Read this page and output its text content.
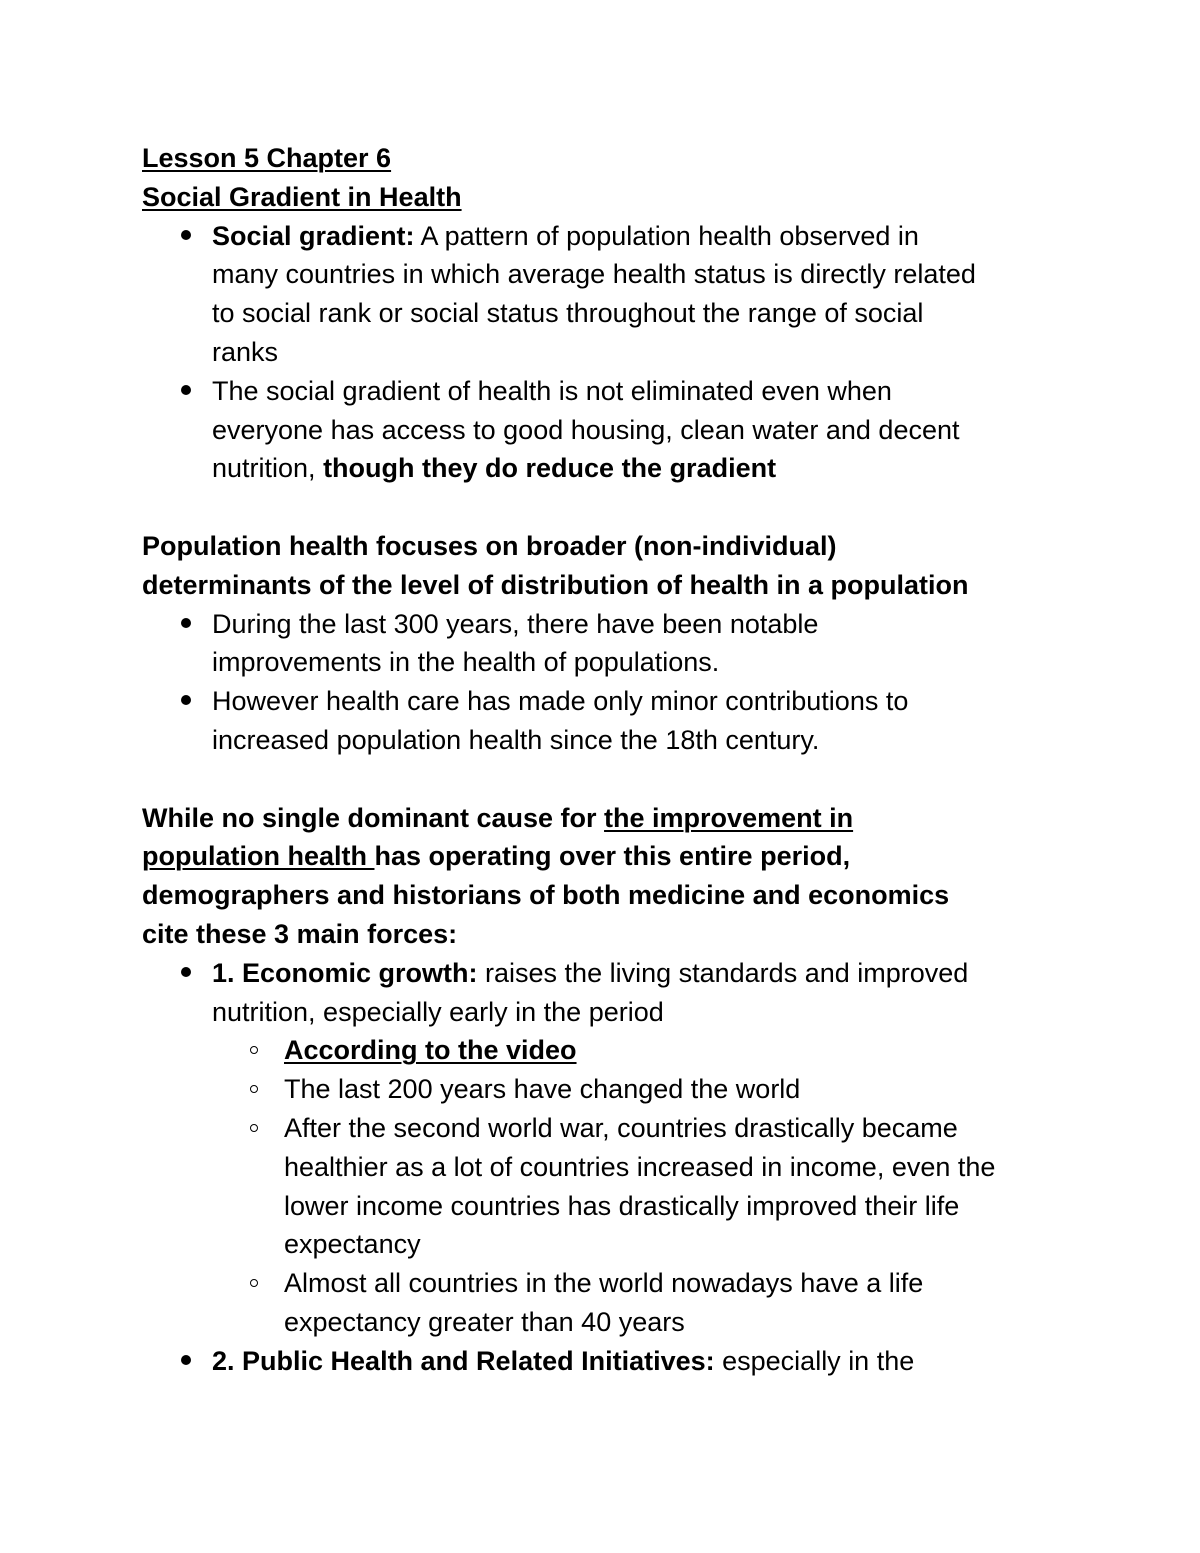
Lesson 5 Chapter 6
Social Gradient in Health
Social gradient: A pattern of population health observed in
many countries in which average health status is directly related
to social rank or social status throughout the range of social
ranks
The social gradient of health is not eliminated even when
everyone has access to good housing, clean water and decent
nutrition, though they do reduce the gradient
Population health focuses on broader (non-individual)
determinants of the level of distribution of health in a population
During the last 300 years, there have been notable
improvements in the health of populations.
However health care has made only minor contributions to
increased population health since the 18th century.
While no single dominant cause for the improvement in
population health has operating over this entire period,
demographers and historians of both medicine and economics
cite these 3 main forces:
1. Economic growth: raises the living standards and improved
nutrition, especially early in the period
According to the video
The last 200 years have changed the world
After the second world war, countries drastically became
healthier as a lot of countries increased in income, even the
lower income countries has drastically improved their life
expectancy
Almost all countries in the world nowadays have a life
expectancy greater than 40 years
2. Public Health and Related Initiatives: especially in the
